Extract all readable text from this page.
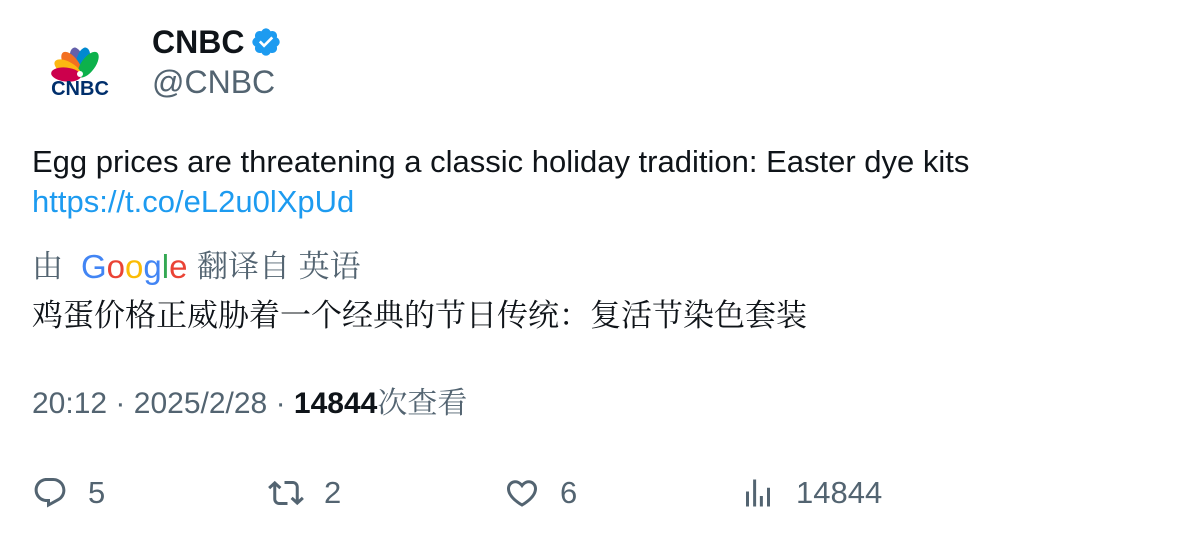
CNBC
CNBC
@CNBC
Egg prices are threatening a classic holiday tradition: Easter dye kits
https://t.co/eL2u0lXpUd
由 Google 翻译自 英语
鸡蛋价格正威胁着一个经典的节日传统：复活节染色套装
20:12 · 2025/2/28 · 14844次查看
5	2	6	14844
